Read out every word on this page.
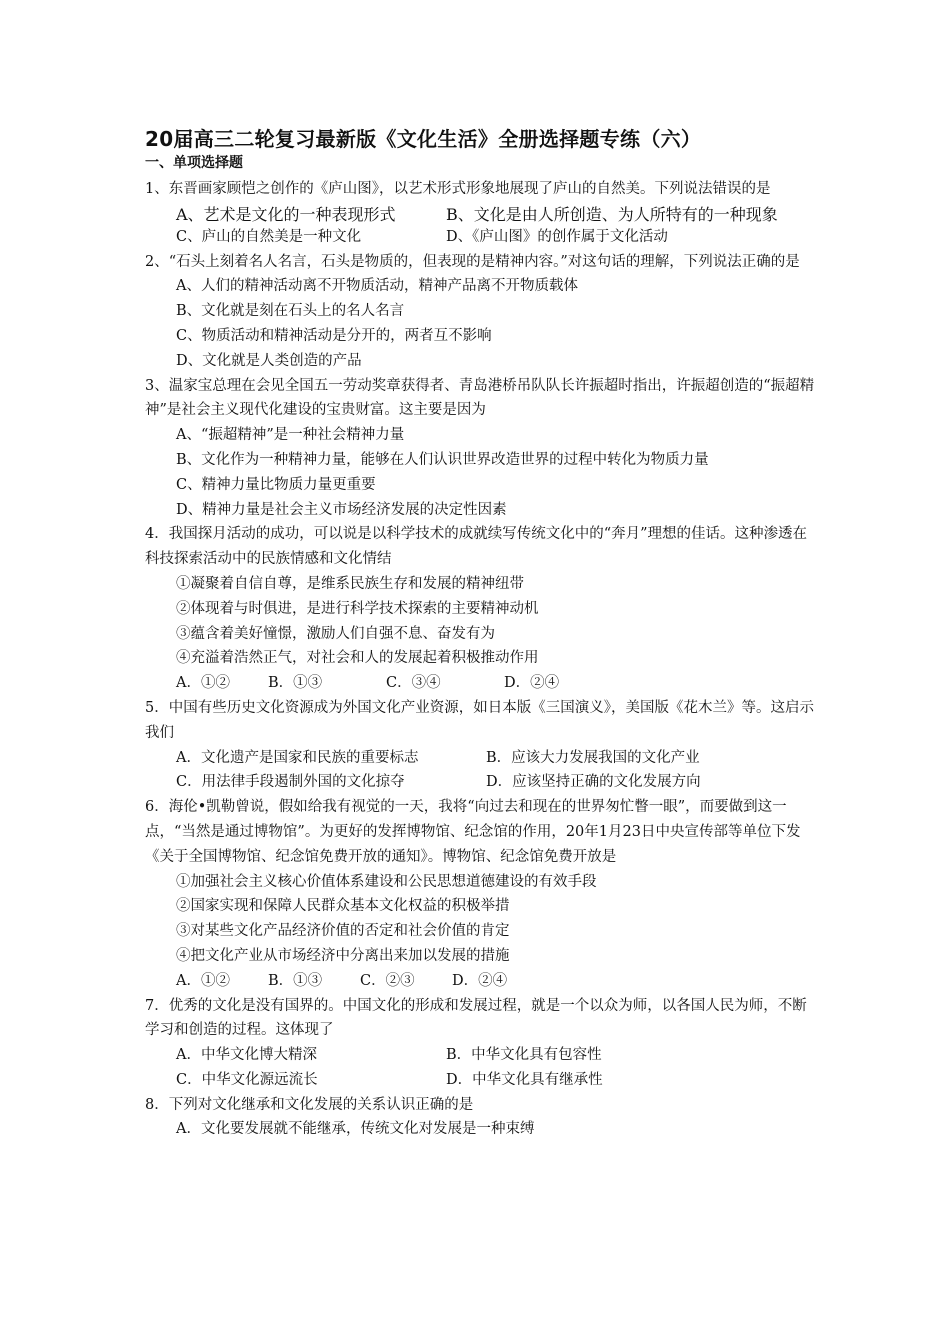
20届高三二轮复习最新版《文化生活》全册选择题专练（六）
一、单项选择题
1、东晋画家顾恺之创作的《庐山图》，以艺术形式形象地展现了庐山的自然美。下列说法错误的是
A、艺术是文化的一种表现形式	B、文化是由人所创造、为人所特有的一种现象
C、庐山的自然美是一种文化	D、《庐山图》的创作属于文化活动
2、“石头上刻着名人名言，石头是物质的，但表现的是精神内容。”对这句话的理解，下列说法正确的是
A、人们的精神活动离不开物质活动，精神产品离不开物质载体
B、文化就是刻在石头上的名人名言
C、物质活动和精神活动是分开的，两者互不影响
D、文化就是人类创造的产品
3、温家宝总理在会见全国五一劳动奖章获得者、青岛港桥吊队队长许振超时指出，许振超创造的“振超精神”是社会主义现代化建设的宝贵财富。这主要是因为
A、“振超精神”是一种社会精神力量
B、文化作为一种精神力量，能够在人们认识世界改造世界的过程中转化为物质力量
C、精神力量比物质力量更重要
D、精神力量是社会主义市场经济发展的决定性因素
4．我国探月活动的成功，可以说是以科学技术的成就续写传统文化中的“奔月”理想的佳话。这种渗透在科技探索活动中的民族情感和文化情结
①凝聚着自信自尊，是维系民族生存和发展的精神纽带
②体现着与时俱进，是进行科学技术探索的主要精神动机
③蕴含着美好憧憬，激励人们自强不息、奋发有为
④充溢着浩然正气，对社会和人的发展起着积极推动作用
A．①②	B．①③	C．③④	D．②④
5．中国有些历史文化资源成为外国文化产业资源，如日本版《三国演义》，美国版《花木兰》等。这启示我们
A．文化遗产是国家和民族的重要标志	B．应该大力发展我国的文化产业
C．用法律手段遏制外国的文化掠夺	D．应该坚持正确的文化发展方向
6．海伦•凯勒曾说，假如给我有视觉的一天，我将“向过去和现在的世界匆忙瞥一眼”，而要做到这一点，“当然是通过博物馆”。为更好的发挥博物馆、纪念馆的作用，20年1月23日中央宣传部等单位下发《关于全国博物馆、纪念馆免费开放的通知》。博物馆、纪念馆免费开放是
①加强社会主义核心价值体系建设和公民思想道德建设的有效手段
②国家实现和保障人民群众基本文化权益的积极举措
③对某些文化产品经济价值的否定和社会价值的肯定
④把文化产业从市场经济中分离出来加以发展的措施
A．①②	B．①③	C．②③	D．②④
7．优秀的文化是没有国界的。中国文化的形成和发展过程，就是一个以众为师，以各国人民为师，不断学习和创造的过程。这体现了
A．中华文化博大精深	B．中华文化具有包容性
C．中华文化源远流长	D．中华文化具有继承性
8．下列对文化继承和文化发展的关系认识正确的是
A．文化要发展就不能继承，传统文化对发展是一种束缚
